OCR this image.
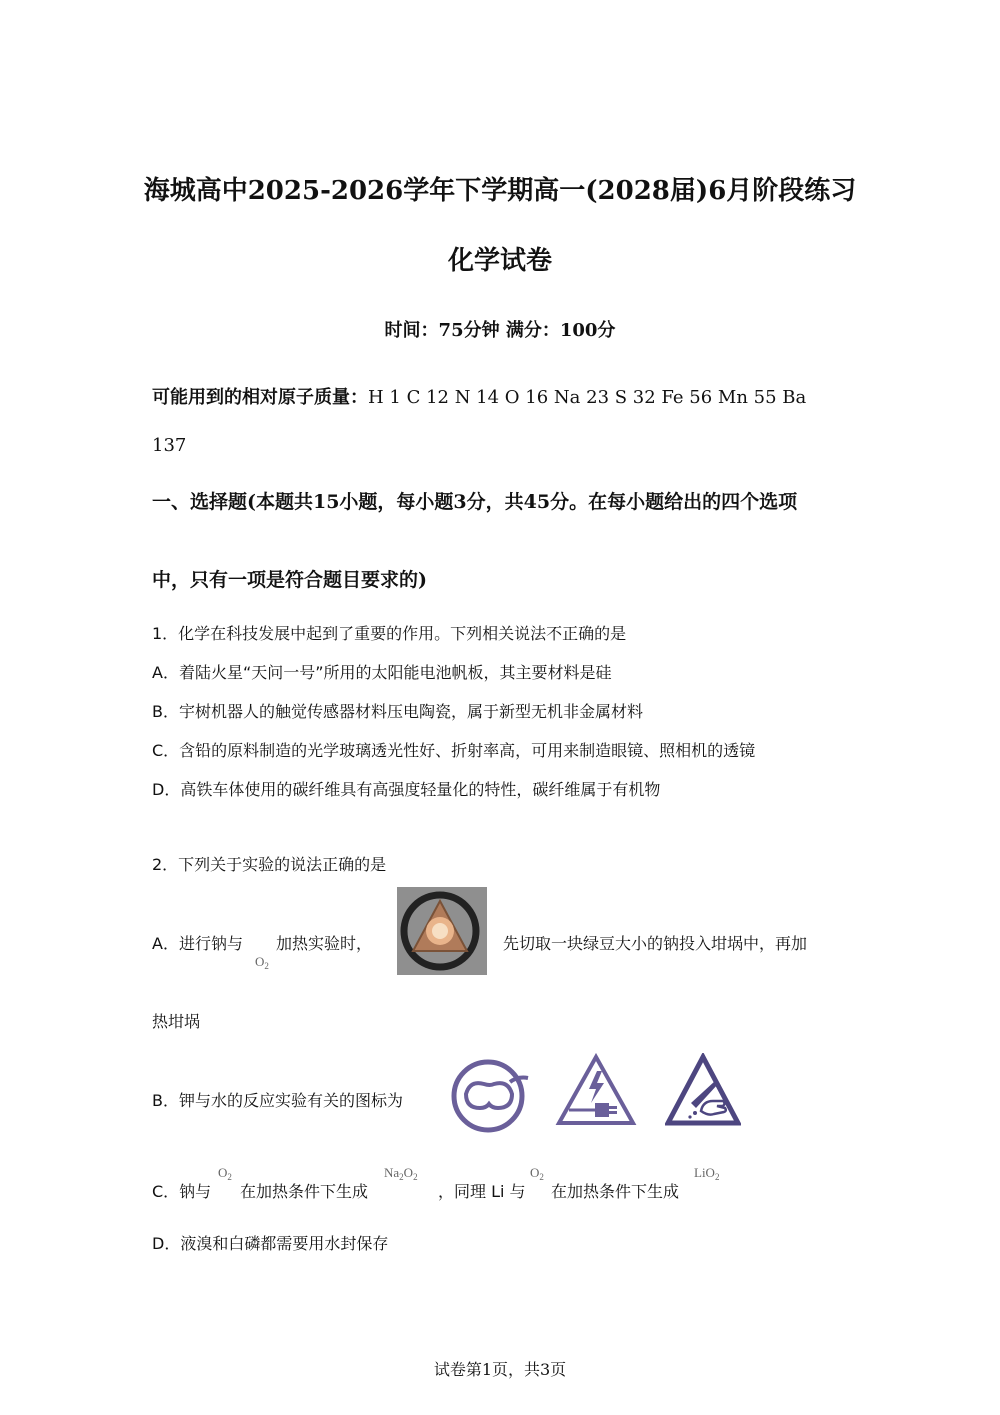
海城高中2025-2026学年下学期高一(2028届)6月阶段练习
化学试卷
时间：75分钟 满分：100分
可能用到的相对原子质量：H 1 C 12 N 14 O 16 Na 23 S 32 Fe 56 Mn 55 Ba
137
一、选择题(本题共15小题，每小题3分，共45分。在每小题给出的四个选项
中，只有一项是符合题目要求的)
1．化学在科技发展中起到了重要的作用。下列相关说法不正确的是
A．着陆火星“天问一号”所用的太阳能电池帆板，其主要材料是硅
B．宇树机器人的触觉传感器材料压电陶瓷，属于新型无机非金属材料
C．含铅的原料制造的光学玻璃透光性好、折射率高，可用来制造眼镜、照相机的透镜
D．高铁车体使用的碳纤维具有高强度轻量化的特性，碳纤维属于有机物
2．下列关于实验的说法正确的是
A．进行钠与
$O_2$
加热实验时，	先切取一块绿豆大小的钠投入坩埚中，再加
热坩埚
B．钾与水的反应实验有关的图标为
C．钠与
$O_2$
在加热条件下生成
$Na_2O_2$
，同理 Li 与
$O_2$
在加热条件下生成
LiO$_2$
D．液溴和白磷都需要用水封保存
试卷第1页，共3页
